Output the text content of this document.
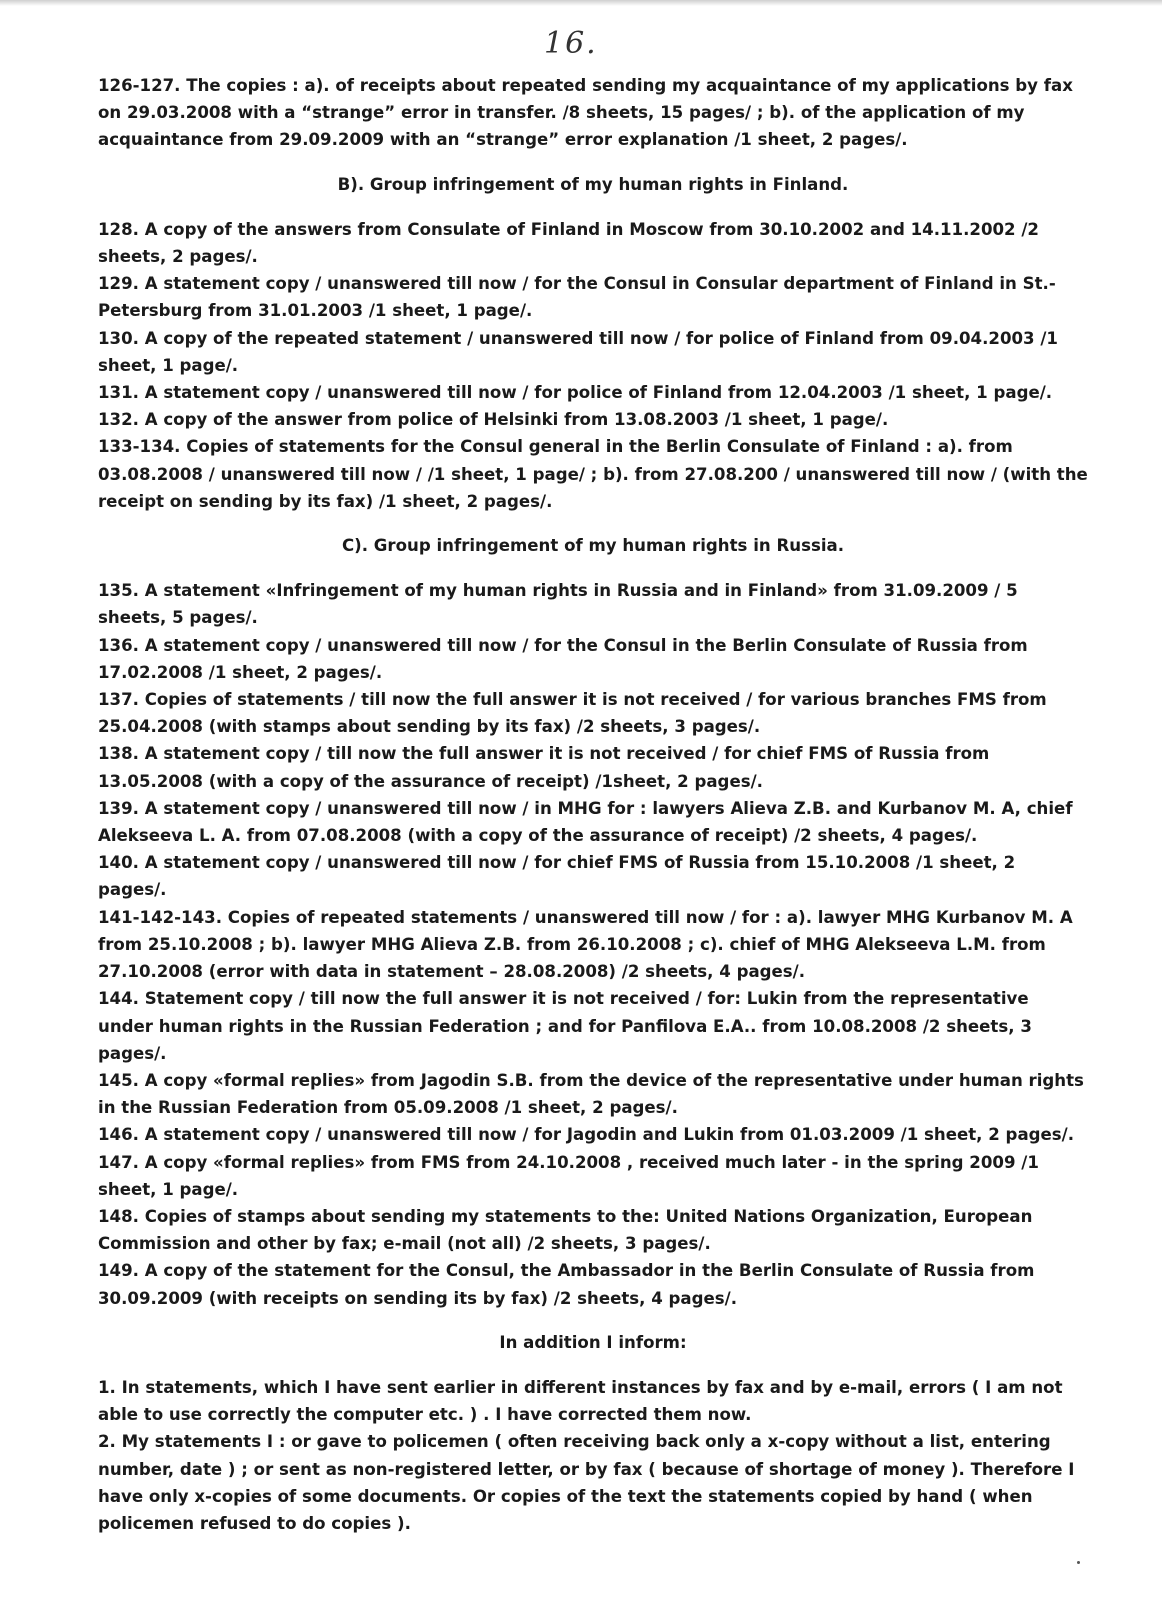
16.

126-127. The copies : a). of receipts about repeated sending my acquaintance of my applications by fax on 29.03.2008 with a “strange” error in transfer. /8 sheets, 15 pages/ ; b). of the application of my acquaintance from 29.09.2009 with an “strange” error explanation /1 sheet, 2 pages/.

B). Group infringement of my human rights in Finland.

128. A copy of the answers from Consulate of Finland in Moscow from 30.10.2002 and 14.11.2002 /2 sheets, 2 pages/.

129. A statement copy / unanswered till now / for the Consul in Consular department of Finland in St.-Petersburg from 31.01.2003 /1 sheet, 1 page/.

130. A copy of the repeated statement / unanswered till now / for police of Finland from 09.04.2003 /1 sheet, 1 page/.

131. A statement copy / unanswered till now / for police of Finland from 12.04.2003 /1 sheet, 1 page/.

132. A copy of the answer from police of Helsinki from 13.08.2003 /1 sheet, 1 page/.

133-134. Copies of statements for the Consul general in the Berlin Consulate of Finland : a). from 03.08.2008 / unanswered till now / /1 sheet, 1 page/ ; b). from 27.08.200 / unanswered till now / (with the receipt on sending by its fax) /1 sheet, 2 pages/.

C). Group infringement of my human rights in Russia.

135. A statement «Infringement of my human rights in Russia and in Finland» from 31.09.2009 / 5 sheets, 5 pages/.

136. A statement copy / unanswered till now / for the Consul in the Berlin Consulate of Russia from 17.02.2008 /1 sheet, 2 pages/.

137. Copies of statements / till now the full answer it is not received / for various branches FMS from 25.04.2008 (with stamps about sending by its fax) /2 sheets, 3 pages/.

138. A statement copy / till now the full answer it is not received / for chief FMS of Russia from 13.05.2008 (with a copy of the assurance of receipt) /1sheet, 2 pages/.

139. A statement copy / unanswered till now / in MHG for : lawyers Alieva Z.B. and Kurbanov M. A, chief Alekseeva L. A. from 07.08.2008 (with a copy of the assurance of receipt) /2 sheets, 4 pages/.

140. A statement copy / unanswered till now / for chief FMS of Russia from 15.10.2008 /1 sheet, 2 pages/.

141-142-143. Copies of repeated statements / unanswered till now / for : a). lawyer MHG Kurbanov M. A from 25.10.2008 ; b). lawyer MHG Alieva Z.B. from 26.10.2008 ; c). chief of MHG Alekseeva L.M. from 27.10.2008 (error with data in statement – 28.08.2008) /2 sheets, 4 pages/.

144. Statement copy / till now the full answer it is not received / for: Lukin from the representative under human rights in the Russian Federation ; and for Panfilova E.A.. from 10.08.2008 /2 sheets, 3 pages/.

145. A copy «formal replies» from Jagodin S.B. from the device of the representative under human rights in the Russian Federation from 05.09.2008 /1 sheet, 2 pages/.

146. A statement copy / unanswered till now / for Jagodin and Lukin from 01.03.2009 /1 sheet, 2 pages/.

147. A copy «formal replies» from FMS from 24.10.2008 , received much later - in the spring 2009 /1 sheet, 1 page/.

148. Copies of stamps about sending my statements to the: United Nations Organization, European Commission and other by fax; e-mail (not all) /2 sheets, 3 pages/.

149. A copy of the statement for the Consul, the Ambassador in the Berlin Consulate of Russia from 30.09.2009 (with receipts on sending its by fax) /2 sheets, 4 pages/.

In addition I inform:

1. In statements, which I have sent earlier in different instances by fax and by e-mail, errors ( I am not able to use correctly the computer etc. ) . I have corrected them now.

2. My statements I : or gave to policemen ( often receiving back only a x-copy without a list, entering number, date ) ; or sent as non-registered letter, or by fax ( because of shortage of money ). Therefore I have only x-copies of some documents. Or copies of the text the statements copied by hand ( when policemen refused to do copies ).
